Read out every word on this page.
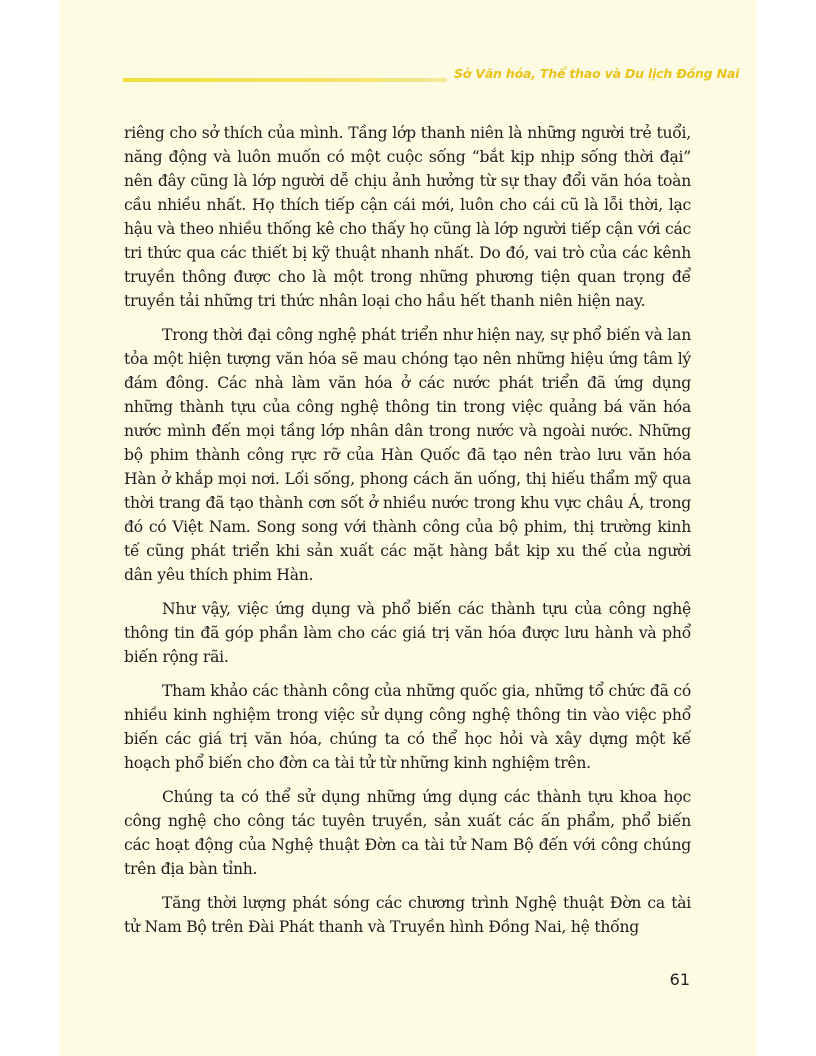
Sở Văn hóa, Thể thao và Du lịch Đồng Nai

riêng cho sở thích của mình. Tầng lớp thanh niên là những người trẻ tuổi, năng động và luôn muốn có một cuộc sống “bắt kịp nhịp sống thời đại” nên đây cũng là lớp người dễ chịu ảnh hưởng từ sự thay đổi văn hóa toàn cầu nhiều nhất. Họ thích tiếp cận cái mới, luôn cho cái cũ là lỗi thời, lạc hậu và theo nhiều thống kê cho thấy họ cũng là lớp người tiếp cận với các tri thức qua các thiết bị kỹ thuật nhanh nhất. Do đó, vai trò của các kênh truyền thông được cho là một trong những phương tiện quan trọng để truyền tải những tri thức nhân loại cho hầu hết thanh niên hiện nay.

Trong thời đại công nghệ phát triển như hiện nay, sự phổ biến và lan tỏa một hiện tượng văn hóa sẽ mau chóng tạo nên những hiệu ứng tâm lý đám đông. Các nhà làm văn hóa ở các nước phát triển đã ứng dụng những thành tựu của công nghệ thông tin trong việc quảng bá văn hóa nước mình đến mọi tầng lớp nhân dân trong nước và ngoài nước. Những bộ phim thành công rực rỡ của Hàn Quốc đã tạo nên trào lưu văn hóa Hàn ở khắp mọi nơi. Lối sống, phong cách ăn uống, thị hiếu thẩm mỹ qua thời trang đã tạo thành cơn sốt ở nhiều nước trong khu vực châu Á, trong đó có Việt Nam. Song song với thành công của bộ phim, thị trường kinh tế cũng phát triển khi sản xuất các mặt hàng bắt kịp xu thế của người dân yêu thích phim Hàn.

Như vậy, việc ứng dụng và phổ biến các thành tựu của công nghệ thông tin đã góp phần làm cho các giá trị văn hóa được lưu hành và phổ biến rộng rãi.

Tham khảo các thành công của những quốc gia, những tổ chức đã có nhiều kinh nghiệm trong việc sử dụng công nghệ thông tin vào việc phổ biến các giá trị văn hóa, chúng ta có thể học hỏi và xây dựng một kế hoạch phổ biến cho đờn ca tài tử từ những kinh nghiệm trên.

Chúng ta có thể sử dụng những ứng dụng các thành tựu khoa học công nghệ cho công tác tuyên truyền, sản xuất các ấn phẩm, phổ biến các hoạt động của Nghệ thuật Đờn ca tài tử Nam Bộ đến với công chúng trên địa bàn tỉnh.

Tăng thời lượng phát sóng các chương trình Nghệ thuật Đờn ca tài tử Nam Bộ trên Đài Phát thanh và Truyền hình Đồng Nai, hệ thống

61
